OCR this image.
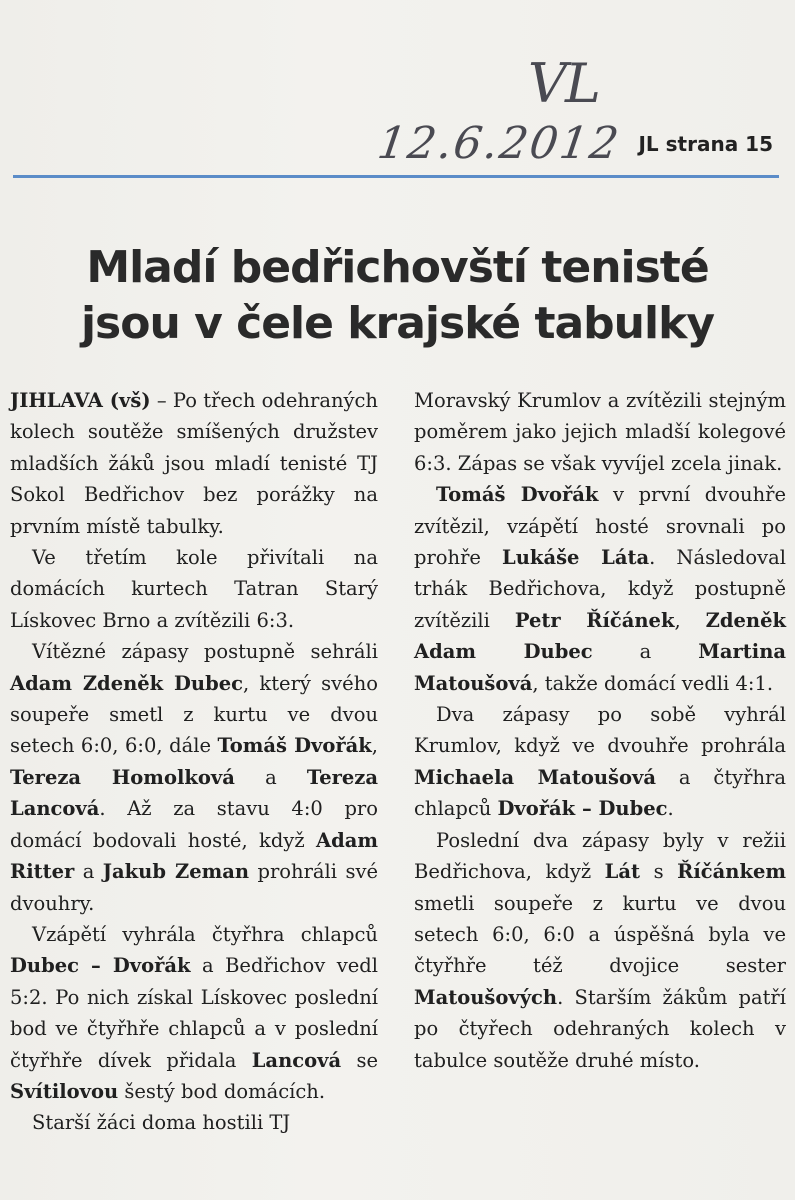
VL
12.6.2012 JL strana 15
Mladí bedřichovští tenisté
jsou v čele krajské tabulky

JIHLAVA (vš) – Po třech odehraných kolech soutěže smíšených družstev mladších žáků jsou mladí tenisté TJ Sokol Bedřichov bez porážky na prvním místě tabulky.

Ve třetím kole přivítali na domácích kurtech Tatran Starý Lískovec Brno a zvítězili 6:3.

Vítězné zápasy postupně sehráli Adam Zdeněk Dubec, který svého soupeře smetl z kurtu ve dvou setech 6:0, 6:0, dále Tomáš Dvořák, Tereza Homolková a Tereza Lancová. Až za stavu 4:0 pro domácí bodovali hosté, když Adam Ritter a Jakub Zeman prohráli své dvouhry.

Vzápětí vyhrála čtyřhra chlapců Dubec – Dvořák a Bedřichov vedl 5:2. Po nich získal Lískovec poslední bod ve čtyřhře chlapců a v poslední čtyřhře dívek přidala Lancová se Svítilovou šestý bod domácích.

Starší žáci doma hostili TJ

Moravský Krumlov a zvítězili stejným poměrem jako jejich mladší kolegové 6:3. Zápas se však vyvíjel zcela jinak.

Tomáš Dvořák v první dvouhře zvítězil, vzápětí hosté srovnali po prohře Lukáše Láta. Následoval trhák Bedřichova, když postupně zvítězili Petr Říčánek, Zdeněk Adam Dubec a Martina Matoušová, takže domácí vedli 4:1.

Dva zápasy po sobě vyhrál Krumlov, když ve dvouhře prohrála Michaela Matoušová a čtyřhra chlapců Dvořák – Dubec.

Poslední dva zápasy byly v režii Bedřichova, když Lát s Říčánkem smetli soupeře z kurtu ve dvou setech 6:0, 6:0 a úspěšná byla ve čtyřhře též dvojice sester Matoušových. Starším žákům patří po čtyřech odehraných kolech v tabulce soutěže druhé místo.
